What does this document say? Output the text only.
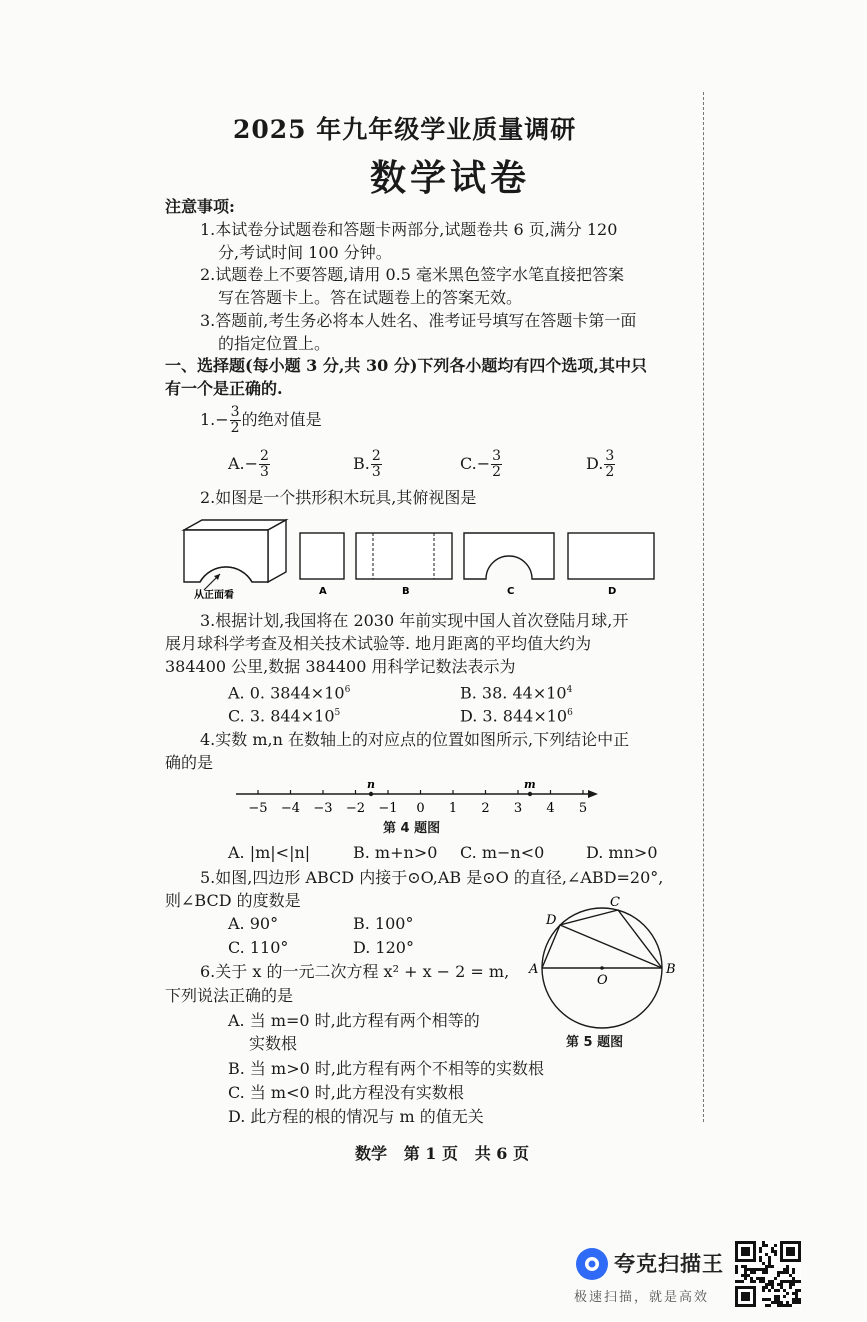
2025 年九年级学业质量调研
数学试卷
注意事项:
1.本试卷分试题卷和答题卡两部分,试题卷共 6 页,满分 120
分,考试时间 100 分钟。
2.试题卷上不要答题,请用 0.5 毫米黑色签字水笔直接把答案
写在答题卡上。答在试题卷上的答案无效。
3.答题前,考生务必将本人姓名、准考证号填写在答题卡第一面
的指定位置上。
一、选择题(每小题 3 分,共 30 分)下列各小题均有四个选项,其中只
有一个是正确的.
$1.- \frac{3}{2}$ 的绝对值是
$A.- \frac{2}{3}$	B. $\frac{2}{3}$	$C.- \frac{3}{2}$	D. $\frac{3}{2}$
2.如图是一个拱形积木玩具,其俯视图是
从正面看	A	B	C	D
3.根据计划,我国将在 2030 年前实现中国人首次登陆月球,开
展月球科学考查及相关技术试验等. 地月距离的平均值大约为
384400 公里,数据 384400 用科学记数法表示为
A. 0. $3844\times 10^6$	B. 38. $44\times 10^4$
C. 3. $844\times 10^5$	D. 3. $844\times 10^6$
4.实数 m,n 在数轴上的对应点的位置如图所示,下列结论中正
确的是
−5 −4 −3 −2 −1 0 1 2 3 4 5
n	m
第 4 题图
A. |m|<|n|	B. m+n>0 C. m−n<0	D. mn>0
5.如图,四边形 ABCD 内接于⊙O,AB 是⊙O 的直径,∠ABD=20°,
则∠BCD 的度数是
A. 90°	B. 100°
C. 110°	D. 120°
A	B
C
D
O
第 5 题图
6.关于 x 的一元二次方程 x² + x − 2 = m,
下列说法正确的是
A. 当 m=0 时,此方程有两个相等的
实数根
B. 当 m>0 时,此方程有两个不相等的实数根
C. 当 m<0 时,此方程没有实数根
D. 此方程的根的情况与 m 的值无关
数学   第 1 页   共 6 页
夸克扫描王
极速扫描，就是高效
